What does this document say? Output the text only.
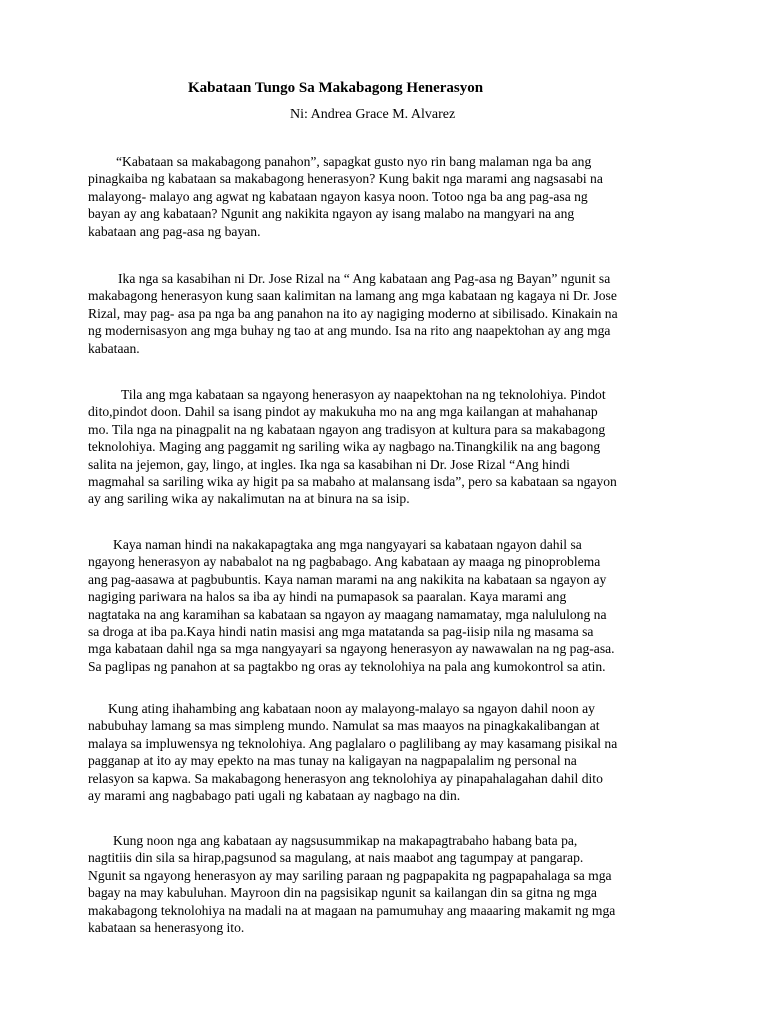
Kabataan Tungo Sa Makabagong Henerasyon
Ni: Andrea Grace M. Alvarez
“Kabataan sa makabagong panahon”, sapagkat gusto nyo rin bang malaman nga ba ang
pinagkaiba ng kabataan sa makabagong henerasyon? Kung bakit nga marami ang nagsasabi na
malayong- malayo ang agwat ng kabataan ngayon kasya noon. Totoo nga ba ang pag-asa ng
bayan ay ang kabataan? Ngunit ang nakikita ngayon ay isang malabo na mangyari na ang
kabataan ang pag-asa ng bayan.
Ika nga sa kasabihan ni Dr. Jose Rizal na “ Ang kabataan ang Pag-asa ng Bayan” ngunit sa
makabagong henerasyon kung saan kalimitan na lamang ang mga kabataan ng kagaya ni Dr. Jose
Rizal, may pag- asa pa nga ba ang panahon na ito ay nagiging moderno at sibilisado. Kinakain na
ng modernisasyon ang mga buhay ng tao at ang mundo. Isa na rito ang naapektohan ay ang mga
kabataan.
Tila ang mga kabataan sa ngayong henerasyon ay naapektohan na ng teknolohiya. Pindot
dito,pindot doon. Dahil sa isang pindot ay makukuha mo na ang mga kailangan at mahahanap
mo. Tila nga na pinagpalit na ng kabataan ngayon ang tradisyon at kultura para sa makabagong
teknolohiya. Maging ang paggamit ng sariling wika ay nagbago na.Tinangkilik na ang bagong
salita na jejemon, gay, lingo, at ingles. Ika nga sa kasabihan ni Dr. Jose Rizal “Ang hindi
magmahal sa sariling wika ay higit pa sa mabaho at malansang isda”, pero sa kabataan sa ngayon
ay ang sariling wika ay nakalimutan na at binura na sa isip.
Kaya naman hindi na nakakapagtaka ang mga nangyayari sa kabataan ngayon dahil sa
ngayong henerasyon ay nababalot na ng pagbabago. Ang kabataan ay maaga ng pinoproblema
ang pag-aasawa at pagbubuntis. Kaya naman marami na ang nakikita na kabataan sa ngayon ay
nagiging pariwara na halos sa iba ay hindi na pumapasok sa paaralan. Kaya marami ang
nagtataka na ang karamihan sa kabataan sa ngayon ay maagang namamatay, mga nalululong na
sa droga at iba pa.Kaya hindi natin masisi ang mga matatanda sa pag-iisip nila ng masama sa
mga kabataan dahil nga sa mga nangyayari sa ngayong henerasyon ay nawawalan na ng pag-asa.
Sa paglipas ng panahon at sa pagtakbo ng oras ay teknolohiya na pala ang kumokontrol sa atin.
Kung ating ihahambing ang kabataan noon ay malayong-malayo sa ngayon dahil noon ay
nabubuhay lamang sa mas simpleng mundo. Namulat sa mas maayos na pinagkakalibangan at
malaya sa impluwensya ng teknolohiya. Ang paglalaro o paglilibang ay may kasamang pisikal na
pagganap at ito ay may epekto na mas tunay na kaligayan na nagpapalalim ng personal na
relasyon sa kapwa. Sa makabagong henerasyon ang teknolohiya ay pinapahalagahan dahil dito
ay marami ang nagbabago pati ugali ng kabataan ay nagbago na din.
Kung noon nga ang kabataan ay nagsusummikap na makapagtrabaho habang bata pa,
nagtitiis din sila sa hirap,pagsunod sa magulang, at nais maabot ang tagumpay at pangarap.
Ngunit sa ngayong henerasyon ay may sariling paraan ng pagpapakita ng pagpapahalaga sa mga
bagay na may kabuluhan. Mayroon din na pagsisikap ngunit sa kailangan din sa gitna ng mga
makabagong teknolohiya na madali na at magaan na pamumuhay ang maaaring makamit ng mga
kabataan sa henerasyong ito.
